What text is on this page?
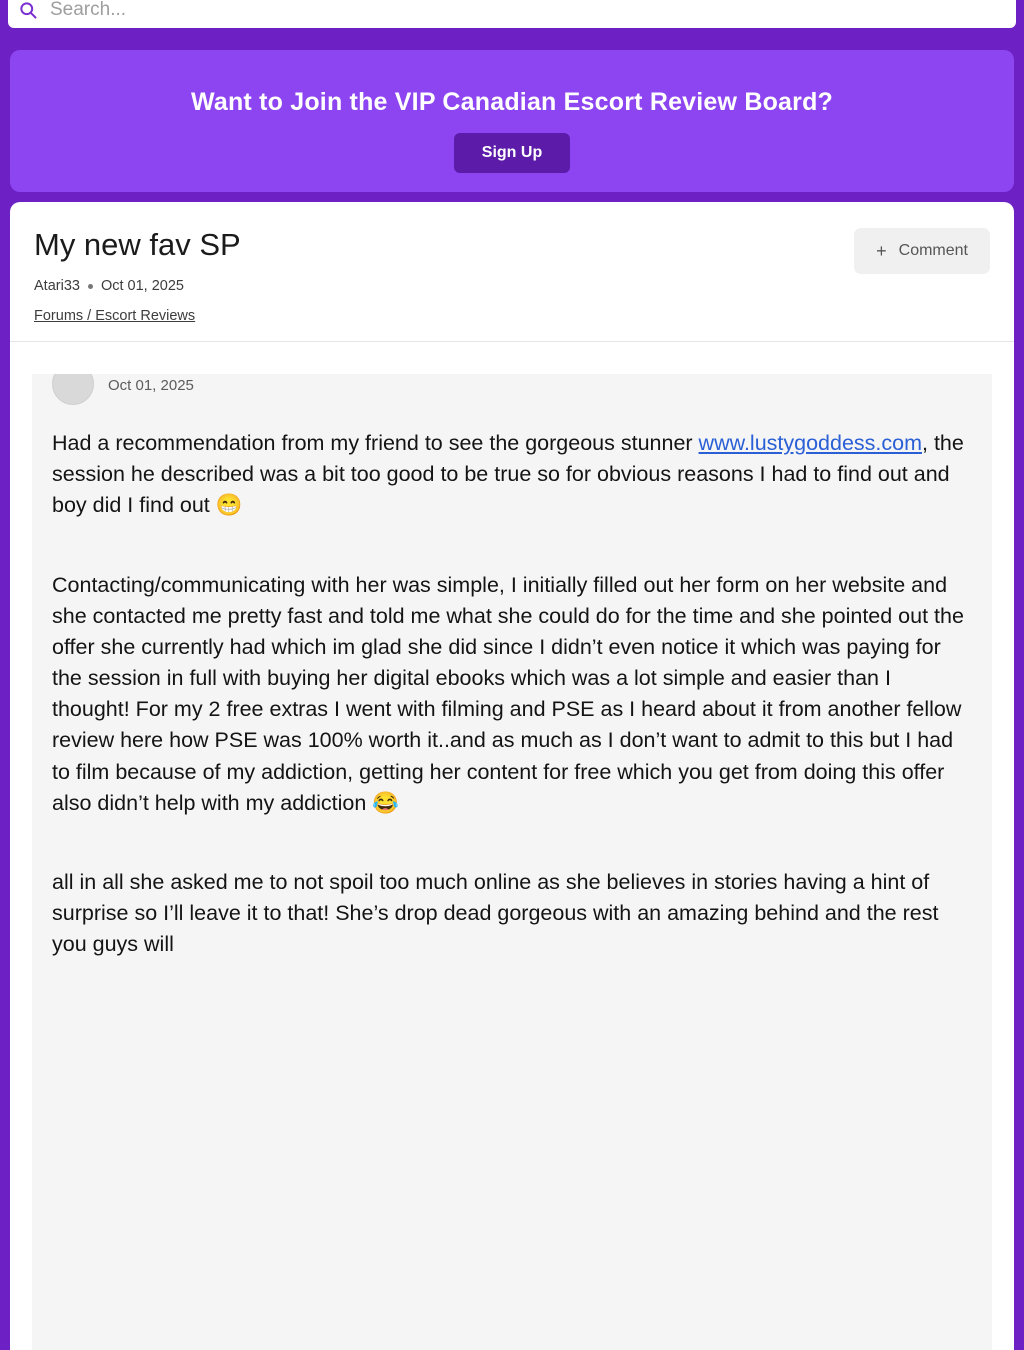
Search...
Want to Join the VIP Canadian Escort Review Board?
Sign Up
My new fav SP
Atari33 Oct 01, 2025
Forums / Escort Reviews
+ Comment
Oct 01, 2025

Had a recommendation from my friend to see the gorgeous stunner www.lustygoddess.com, the session he described was a bit too good to be true so for obvious reasons I had to find out and boy did I find out 😁

Contacting/communicating with her was simple, I initially filled out her form on her website and she contacted me pretty fast and told me what she could do for the time and she pointed out the offer she currently had which im glad she did since I didn’t even notice it which was paying for the session in full with buying her digital ebooks which was a lot simple and easier than I thought! For my 2 free extras I went with filming and PSE as I heard about it from another fellow review here how PSE was 100% worth it..and as much as I don’t want to admit to this but I had to film because of my addiction, getting her content for free which you get from doing this offer also didn’t help with my addiction 😂

all in all she asked me to not spoil too much online as she believes in stories having a hint of surprise so I’ll leave it to that! She’s drop dead gorgeous with an amazing behind and the rest you guys will
